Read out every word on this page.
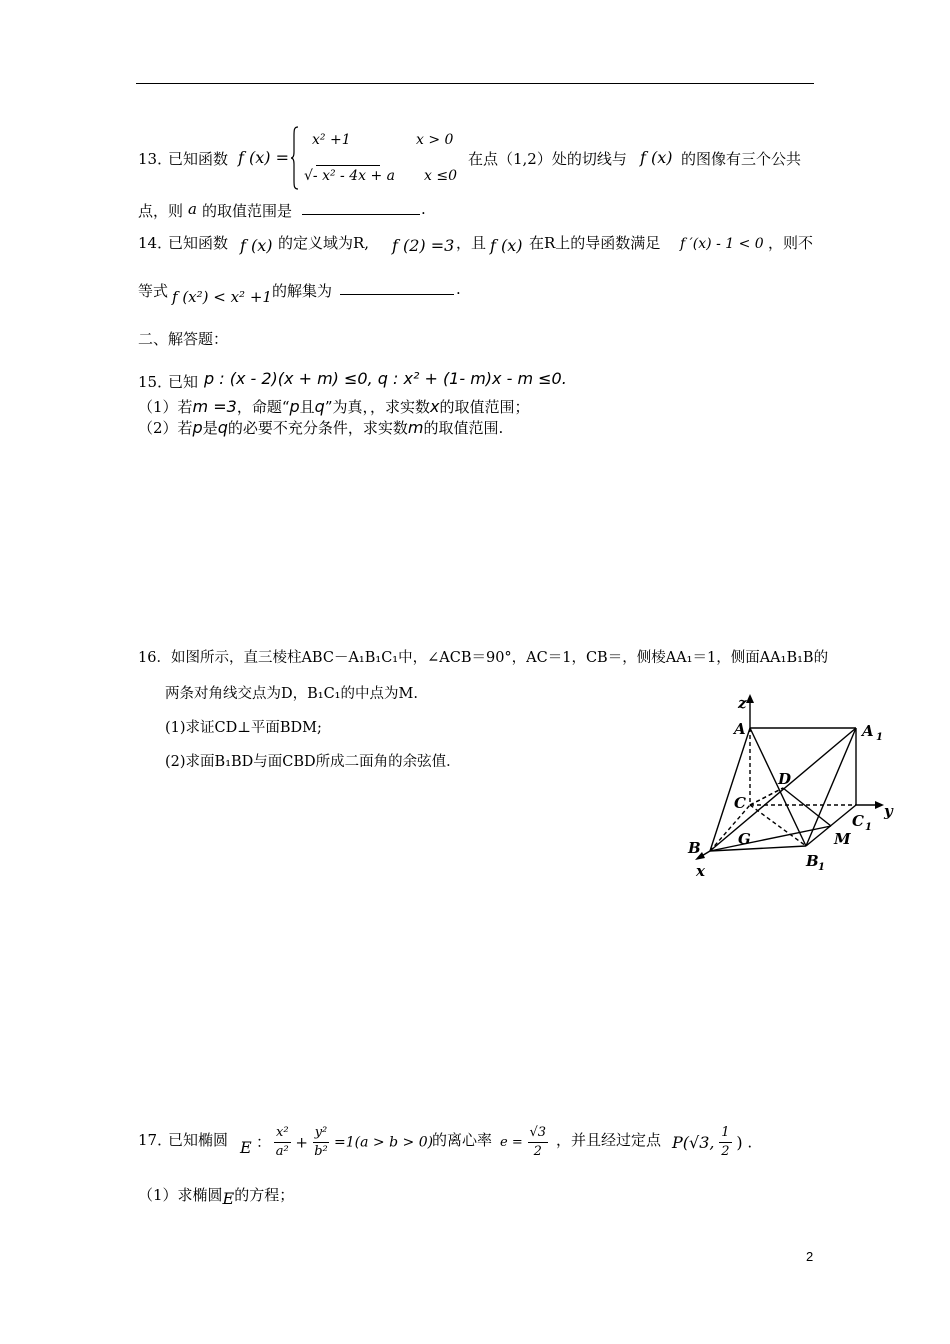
13．
已知函数 f (x) =
x² +1	x > 0
√- x² - 4x + a x ≤0
在点（1,2）处的切线与 f (x) 的图像有三个公共
点，则 a 的取值范围是	.
14．
已知函数 f (x) 的定义域为R, f (2) =3 ，且 f (x) 在R上的导函数满足 f ′(x) - 1 < 0 ，则不
等式 f (x²) < x² +1 的解集为	.
二、解答题：
15．
已知 p : (x - 2)(x + m) ≤0, q : x² + (1- m)x - m ≤0.
（1）若m =3，命题“p且q”为真，，求实数x的取值范围；
（2）若p是q的必要不充分条件，求实数m的取值范围.
16．如图所示，直三棱柱ABC－A₁B₁C₁中，∠ACB＝90°，AC＝1，CB＝，侧棱AA₁＝1，侧面AA₁B₁B的
两条对角线交点为D，B₁C₁的中点为M.
(1)求证CD⊥平面BDM;
(2)求面B₁BD与面CBD所成二面角的余弦值．
z
A	A 1
D
C
C 1
y
G	M
B
B 1
x
17．
已知椭圆 E ： $\frac{\text{x²}}{\text{a²}} + \frac{\text{y²}}{\text{b²}} =1(a > b > 0)$
的离心率 $e = \frac{√3}{2}$ ，并且经过定点 P(√3, $\frac{1}{2}$ ) .
（1）求椭圆E的方程；
2
